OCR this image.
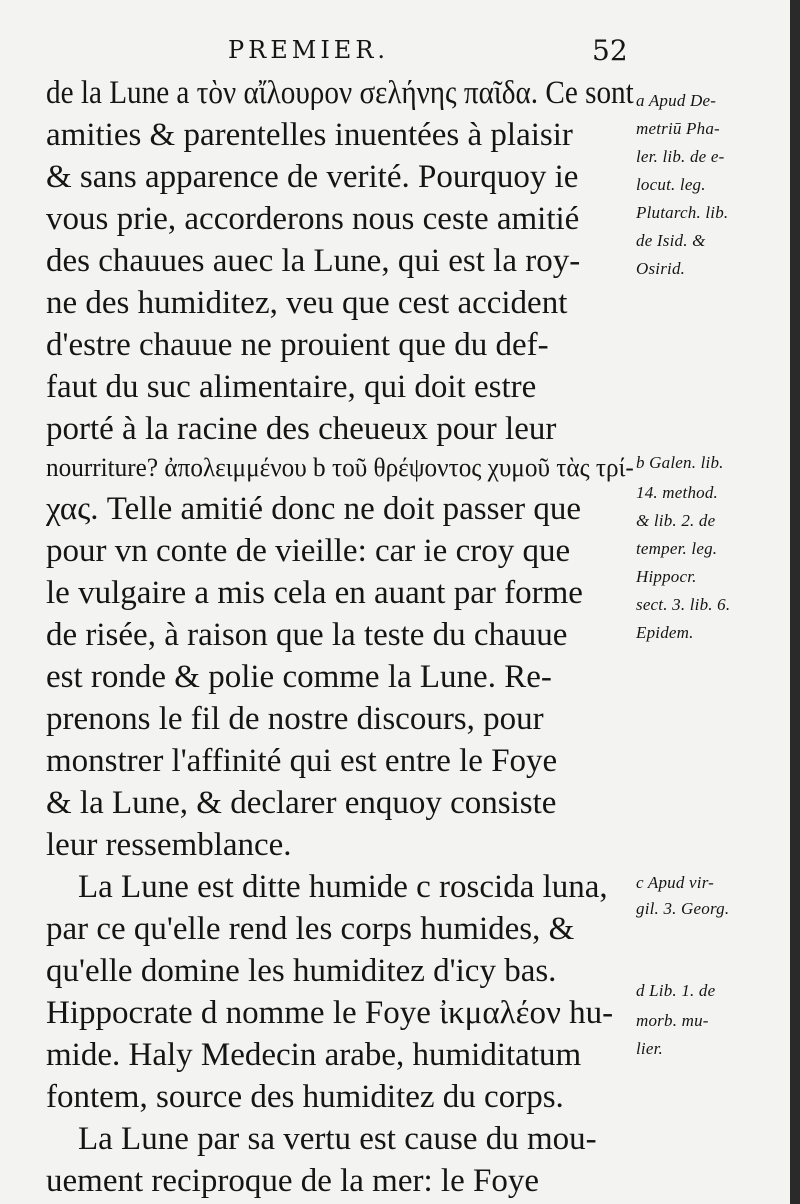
PREMIER.	52
de la Lune a τὸν αἴλουρον σελήνης παῖδα. Ce sont
amities & parentelles inuentées à plaisir
& sans apparence de verité. Pourquoy ie
vous prie, accorderons nous ceste amitié
des chauues auec la Lune, qui est la roy-
ne des humiditez, veu que cest accident
d'estre chauue ne prouient que du def-
faut du suc alimentaire, qui doit estre
porté à la racine des cheueux pour leur
nourriture? ἀπολειμμένου b τοῦ θρέψοντος χυμοῦ τὰς τρί-
χας. Telle amitié donc ne doit passer que
pour vn conte de vieille: car ie croy que
le vulgaire a mis cela en auant par forme
de risée, à raison que la teste du chauue
est ronde & polie comme la Lune. Re-
prenons le fil de nostre discours, pour
monstrer l'affinité qui est entre le Foye
& la Lune, & declarer enquoy consiste
leur ressemblance.
La Lune est ditte humide c roscida luna,
par ce qu'elle rend les corps humides, &
qu'elle domine les humiditez d'icy bas.
Hippocrate d nomme le Foye ἰκμαλέον hu-
mide. Haly Medecin arabe, humiditatum
fontem, source des humiditez du corps.
La Lune par sa vertu est cause du mou-
uement reciproque de la mer: le Foye
a Apud De-
metriū Pha-
ler. lib. de e-
locut. leg.
Plutarch. lib.
de Isid. &
Osirid.
b Galen. lib.
14. method.
& lib. 2. de
temper. leg.
Hippocr.
sect. 3. lib. 6.
Epidem.
c Apud vir-
gil. 3. Georg.
d Lib. 1. de
morb. mu-
lier.
